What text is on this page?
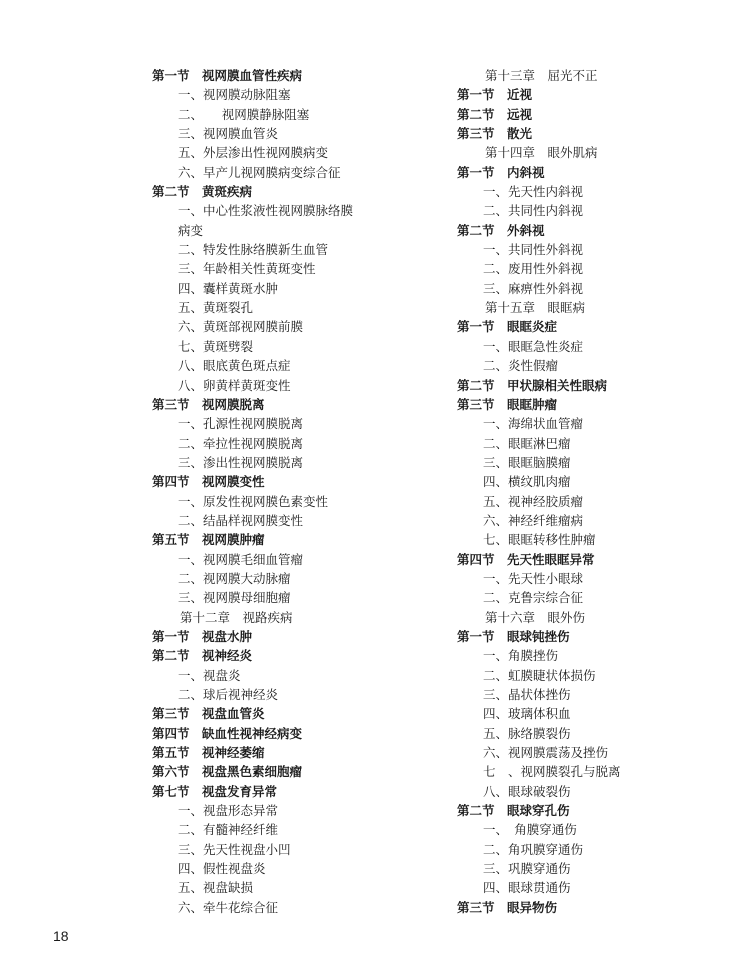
第一节　视网膜血管性疾病
一、视网膜动脉阻塞
二、　　视网膜静脉阻塞
三、视网膜血管炎
五、外层渗出性视网膜病变
六、早产儿视网膜病变综合征
第二节　黄斑疾病
一、中心性浆液性视网膜脉络膜
病变
二、特发性脉络膜新生血管
三、年龄相关性黄斑变性
四、囊样黄斑水肿
五、黄斑裂孔
六、黄斑部视网膜前膜
七、黄斑劈裂
八、眼底黄色斑点症
八、卵黄样黄斑变性
第三节　视网膜脱离
一、孔源性视网膜脱离
二、牵拉性视网膜脱离
三、渗出性视网膜脱离
第四节　视网膜变性
一、原发性视网膜色素变性
二、结晶样视网膜变性
第五节　视网膜肿瘤
一、视网膜毛细血管瘤
二、视网膜大动脉瘤
三、视网膜母细胞瘤
第十二章　视路疾病
第一节　视盘水肿
第二节　视神经炎
一、视盘炎
二、球后视神经炎
第三节　视盘血管炎
第四节　缺血性视神经病变
第五节　视神经萎缩
第六节　视盘黑色素细胞瘤
第七节　视盘发育异常
一、视盘形态异常
二、有髓神经纤维
三、先天性视盘小凹
四、假性视盘炎
五、视盘缺损
六、牵牛花综合征
第十三章　屈光不正
第一节　近视
第二节　远视
第三节　散光
第十四章　眼外肌病
第一节　内斜视
一、先天性内斜视
二、共同性内斜视
第二节　外斜视
一、共同性外斜视
二、废用性外斜视
三、麻痹性外斜视
第十五章　眼眶病
第一节　眼眶炎症
一、眼眶急性炎症
二、炎性假瘤
第二节　甲状腺相关性眼病
第三节　眼眶肿瘤
一、海绵状血管瘤
二、眼眶淋巴瘤
三、眼眶脑膜瘤
四、横纹肌肉瘤
五、视神经胶质瘤
六、神经纤维瘤病
七、眼眶转移性肿瘤
第四节　先天性眼眶异常
一、先天性小眼球
二、克鲁宗综合征
第十六章　眼外伤
第一节　眼球钝挫伤
一、角膜挫伤
二、虹膜睫状体损伤
三、晶状体挫伤
四、玻璃体积血
五、脉络膜裂伤
六、视网膜震荡及挫伤
七　、视网膜裂孔与脱离
八、眼球破裂伤
第二节　眼球穿孔伤
一、　角膜穿通伤
二、角巩膜穿通伤
三、巩膜穿通伤
四、眼球贯通伤
第三节　眼异物伤
18
